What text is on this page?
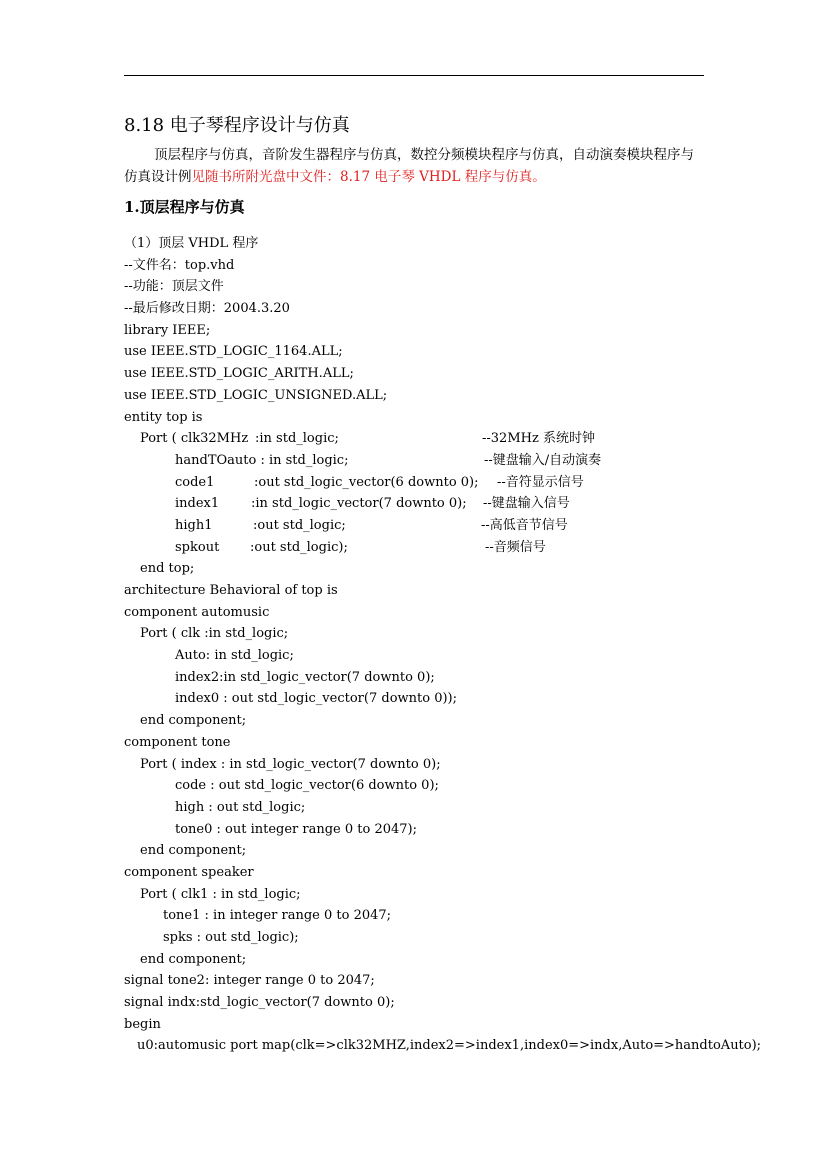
8.18 电子琴程序设计与仿真
顶层程序与仿真，音阶发生器程序与仿真，数控分频模块程序与仿真，自动演奏模块程序与仿真设计例见随书所附光盘中文件：8.17 电子琴 VHDL 程序与仿真。
1.顶层程序与仿真
（1）顶层 VHDL 程序
--文件名：top.vhd
--功能：顶层文件
--最后修改日期：2004.3.20
library IEEE;
use IEEE.STD_LOGIC_1164.ALL;
use IEEE.STD_LOGIC_ARITH.ALL;
use IEEE.STD_LOGIC_UNSIGNED.ALL;
entity top is
Port ( clk32MHz :in std_logic;	--32MHz 系统时钟
handTOauto : in std_logic;	--键盘输入/自动演奏
code1	:out std_logic_vector(6 downto 0); --音符显示信号
index1 :in std_logic_vector(7 downto 0); --键盘输入信号
high1	:out std_logic;	--高低音节信号
spkout :out std_logic);	--音频信号
end top;
architecture Behavioral of top is
component automusic
Port ( clk :in std_logic;
Auto: in std_logic;
index2:in std_logic_vector(7 downto 0);
index0 : out std_logic_vector(7 downto 0));
end component;
component tone
Port ( index : in std_logic_vector(7 downto 0);
code : out std_logic_vector(6 downto 0);
high : out std_logic;
tone0 : out integer range 0 to 2047);
end component;
component speaker
Port ( clk1 : in std_logic;
tone1 : in integer range 0 to 2047;
spks : out std_logic);
end component;
signal tone2: integer range 0 to 2047;
signal indx:std_logic_vector(7 downto 0);
begin
u0:automusic port map(clk=>clk32MHZ,index2=>index1,index0=>indx,Auto=>handtoAuto);
